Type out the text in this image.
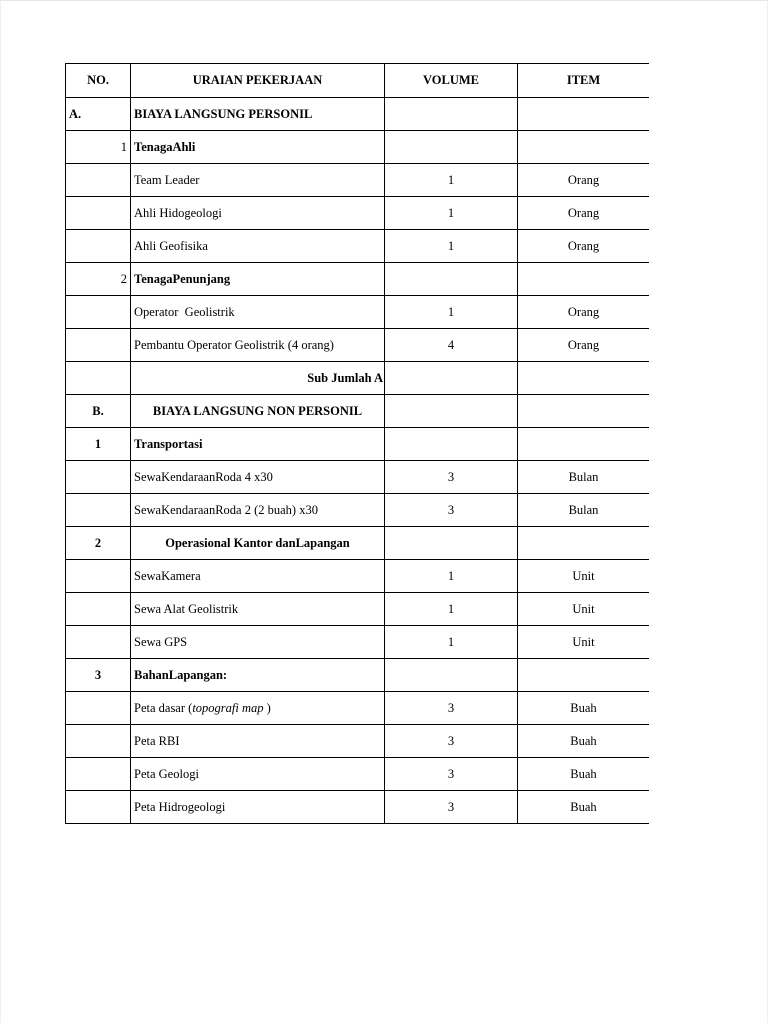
NO.	URAIAN PEKERJAAN	VOLUME	ITEM
A.	BIAYA LANGSUNG PERSONIL		
1	TenagaAhli		
	Team Leader	1	Orang
	Ahli Hidogeologi	1	Orang
	Ahli Geofisika	1	Orang
2	TenagaPenunjang		
	Operator  Geolistrik	1	Orang
	Pembantu Operator Geolistrik (4 orang)	4	Orang
	Sub Jumlah A		
B.	BIAYA LANGSUNG NON PERSONIL		
1	Transportasi		
	SewaKendaraanRoda 4 x30	3	Bulan
	SewaKendaraanRoda 2 (2 buah) x30	3	Bulan
2	Operasional Kantor danLapangan		
	SewaKamera	1	Unit
	Sewa Alat Geolistrik	1	Unit
	Sewa GPS	1	Unit
3	BahanLapangan:		
	Peta dasar (topografi map )	3	Buah
	Peta RBI	3	Buah
	Peta Geologi	3	Buah
	Peta Hidrogeologi	3	Buah
